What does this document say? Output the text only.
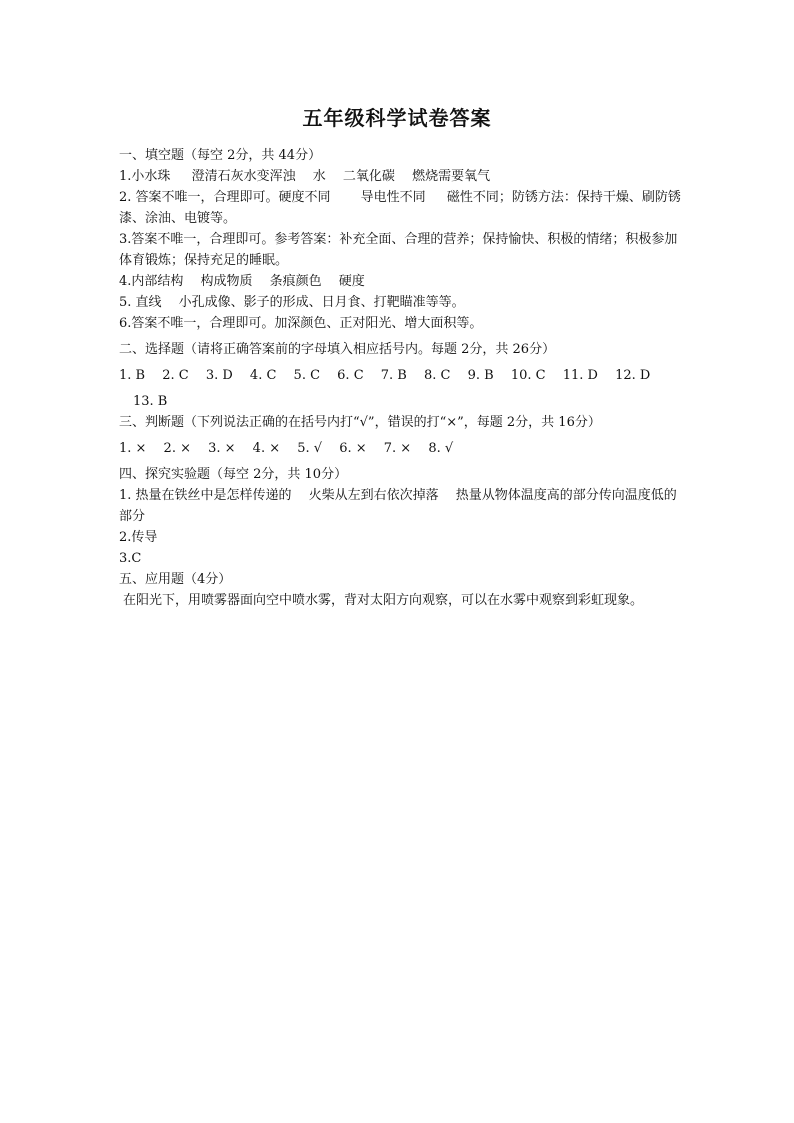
五年级科学试卷答案
一、填空题（每空 2分，共 44分）
1.小水珠 　 澄清石灰水变浑浊 　水 　二氧化碳 　燃烧需要氧气
2. 答案不唯一，合理即可。硬度不同 　　导电性不同 　 磁性不同；防锈方法：保持干燥、刷防锈漆、涂油、电镀等。
3.答案不唯一，合理即可。参考答案：补充全面、合理的营养；保持愉快、积极的情绪；积极参加体育锻炼；保持充足的睡眠。
4.内部结构 　构成物质 　条痕颜色 　硬度
5. 直线 　小孔成像、影子的形成、日月食、打靶瞄准等等。
6.答案不唯一，合理即可。加深颜色、正对阳光、增大面积等。
二、选择题（请将正确答案前的字母填入相应括号内。每题 2分，共 26分）
1. B 　2. C 　3. D 　4. C 　5. C 　6. C 　7. B 　8. C 　9. B 　10. C 　11. D 　12. D
13. B
三、判断题（下列说法正确的在括号内打“√”，错误的打“×”，每题 2分，共 16分）
1. × 　2. × 　3. × 　4. × 　5. √ 　6. × 　7. × 　8. √
四、探究实验题（每空 2分，共 10分）
1. 热量在铁丝中是怎样传递的 　火柴从左到右依次掉落 　热量从物体温度高的部分传向温度低的部分
2.传导
3.C
五、应用题（4分）
在阳光下，用喷雾器面向空中喷水雾，背对太阳方向观察，可以在水雾中观察到彩虹现象。
